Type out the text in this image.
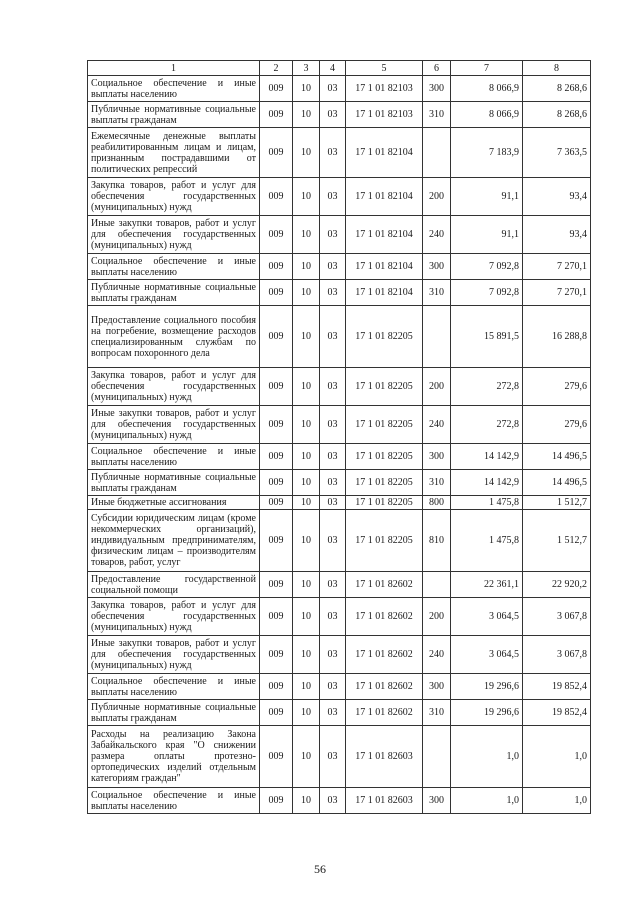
1	2	3	4	5	6	7	8
Социальное обеспечение и иные выплаты населению	009	10	03	17 1 01 82103	300	8 066,9	8 268,6
Публичные нормативные социальные выплаты гражданам	009	10	03	17 1 01 82103	310	8 066,9	8 268,6
Ежемесячные денежные выплаты реабилитированным лицам и лицам, признанным пострадавшими от политических репрессий	009	10	03	17 1 01 82104		7 183,9	7 363,5
Закупка товаров, работ и услуг для обеспечения государственных (муниципальных) нужд	009	10	03	17 1 01 82104	200	91,1	93,4
Иные закупки товаров, работ и услуг для обеспечения государственных (муниципальных) нужд	009	10	03	17 1 01 82104	240	91,1	93,4
Социальное обеспечение и иные выплаты населению	009	10	03	17 1 01 82104	300	7 092,8	7 270,1
Публичные нормативные социальные выплаты гражданам	009	10	03	17 1 01 82104	310	7 092,8	7 270,1
Предоставление социального пособия на погребение, возмещение расходов специализированным службам по вопросам похоронного дела	009	10	03	17 1 01 82205		15 891,5	16 288,8
Закупка товаров, работ и услуг для обеспечения государственных (муниципальных) нужд	009	10	03	17 1 01 82205	200	272,8	279,6
Иные закупки товаров, работ и услуг для обеспечения государственных (муниципальных) нужд	009	10	03	17 1 01 82205	240	272,8	279,6
Социальное обеспечение и иные выплаты населению	009	10	03	17 1 01 82205	300	14 142,9	14 496,5
Публичные нормативные социальные выплаты гражданам	009	10	03	17 1 01 82205	310	14 142,9	14 496,5
Иные бюджетные ассигнования	009	10	03	17 1 01 82205	800	1 475,8	1 512,7
Субсидии юридическим лицам (кроме некоммерческих организаций), индивидуальным предпринимателям, физическим лицам – производителям товаров, работ, услуг	009	10	03	17 1 01 82205	810	1 475,8	1 512,7
Предоставление государственной социальной помощи	009	10	03	17 1 01 82602		22 361,1	22 920,2
Закупка товаров, работ и услуг для обеспечения государственных (муниципальных) нужд	009	10	03	17 1 01 82602	200	3 064,5	3 067,8
Иные закупки товаров, работ и услуг для обеспечения государственных (муниципальных) нужд	009	10	03	17 1 01 82602	240	3 064,5	3 067,8
Социальное обеспечение и иные выплаты населению	009	10	03	17 1 01 82602	300	19 296,6	19 852,4
Публичные нормативные социальные выплаты гражданам	009	10	03	17 1 01 82602	310	19 296,6	19 852,4
Расходы на реализацию Закона Забайкальского края "О снижении размера оплаты протезно-ортопедических изделий отдельным категориям граждан"	009	10	03	17 1 01 82603		1,0	1,0
Социальное обеспечение и иные выплаты населению	009	10	03	17 1 01 82603	300	1,0	1,0
56
